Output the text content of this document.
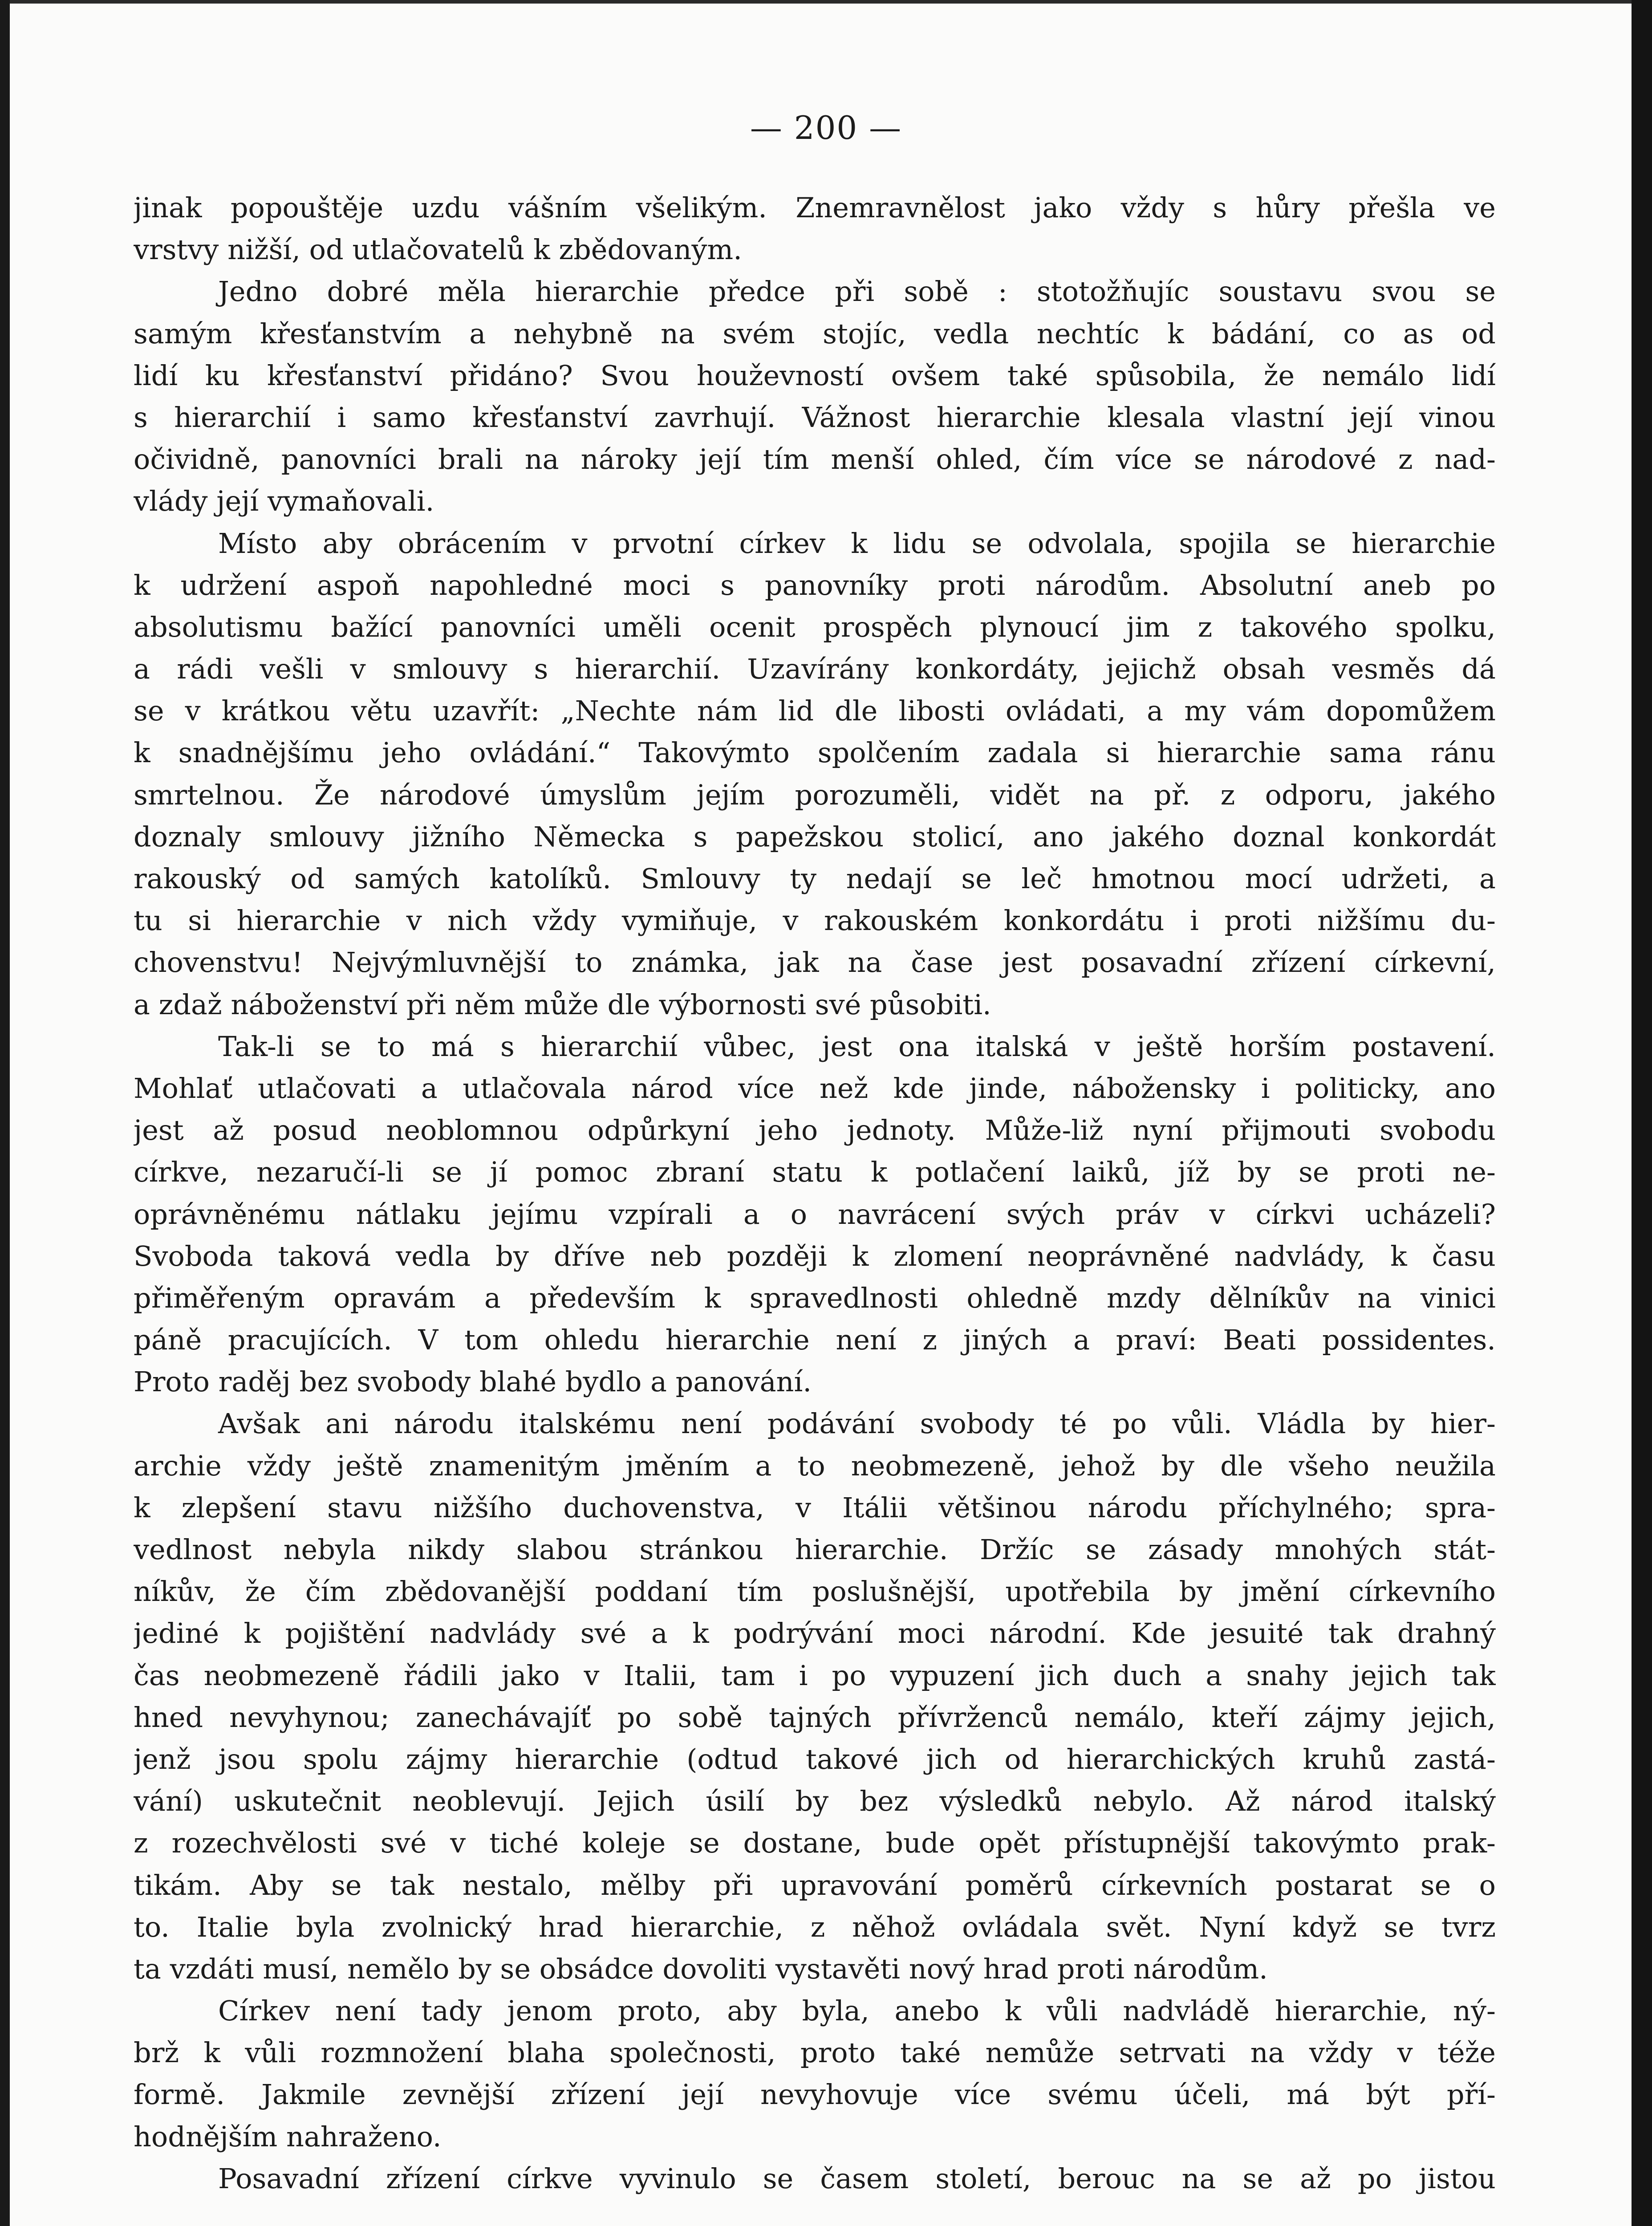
— 200 —
jinak popouštěje uzdu vášním všelikým. Znemravnělost jako vždy s hůry přešla ve
vrstvy nižší, od utlačovatelů k zbědovaným.
Jedno dobré měla hierarchie předce při sobě : stotožňujíc soustavu svou se
samým křesťanstvím a nehybně na svém stojíc, vedla nechtíc k bádání, co as od
lidí ku křesťanství přidáno? Svou houževností ovšem také spůsobila, že nemálo lidí
s hierarchií i samo křesťanství zavrhují. Vážnost hierarchie klesala vlastní její vinou
očividně, panovníci brali na nároky její tím menší ohled, čím více se národové z nad-
vlády její vymaňovali.
Místo aby obrácením v prvotní církev k lidu se odvolala, spojila se hierarchie
k udržení aspoň napohledné moci s panovníky proti národům. Absolutní aneb po
absolutismu bažící panovníci uměli ocenit prospěch plynoucí jim z takového spolku,
a rádi vešli v smlouvy s hierarchií. Uzavírány konkordáty, jejichž obsah vesměs dá
se v krátkou větu uzavřít: „Nechte nám lid dle libosti ovládati, a my vám dopomůžem
k snadnějšímu jeho ovládání.“ Takovýmto spolčením zadala si hierarchie sama ránu
smrtelnou. Že národové úmyslům jejím porozuměli, vidět na př. z odporu, jakého
doznaly smlouvy jižního Německa s papežskou stolicí, ano jakého doznal konkordát
rakouský od samých katolíků. Smlouvy ty nedají se leč hmotnou mocí udržeti, a
tu si hierarchie v nich vždy vymiňuje, v rakouském konkordátu i proti nižšímu du-
chovenstvu! Nejvýmluvnější to známka, jak na čase jest posavadní zřízení církevní,
a zdaž náboženství při něm může dle výbornosti své působiti.
Tak-li se to má s hierarchií vůbec, jest ona italská v ještě horším postavení.
Mohlať utlačovati a utlačovala národ více než kde jinde, nábožensky i politicky, ano
jest až posud neoblomnou odpůrkyní jeho jednoty. Může-liž nyní přijmouti svobodu
církve, nezaručí-li se jí pomoc zbraní statu k potlačení laiků, jíž by se proti ne-
oprávněnému nátlaku jejímu vzpírali a o navrácení svých práv v církvi ucházeli?
Svoboda taková vedla by dříve neb později k zlomení neoprávněné nadvlády, k času
přiměřeným opravám a především k spravedlnosti ohledně mzdy dělníkův na vinici
páně pracujících. V tom ohledu hierarchie není z jiných a praví: Beati possidentes.
Proto raděj bez svobody blahé bydlo a panování.
Avšak ani národu italskému není podávání svobody té po vůli. Vládla by hier-
archie vždy ještě znamenitým jměním a to neobmezeně, jehož by dle všeho neužila
k zlepšení stavu nižšího duchovenstva, v Itálii většinou národu příchylného; spra-
vedlnost nebyla nikdy slabou stránkou hierarchie. Držíc se zásady mnohých stát-
níkův, že čím zbědovanější poddaní tím poslušnější, upotřebila by jmění církevního
jediné k pojištění nadvlády své a k podrývání moci národní. Kde jesuité tak drahný
čas neobmezeně řádili jako v Italii, tam i po vypuzení jich duch a snahy jejich tak
hned nevyhynou; zanechávajíť po sobě tajných přívrženců nemálo, kteří zájmy jejich,
jenž jsou spolu zájmy hierarchie (odtud takové jich od hierarchických kruhů zastá-
vání) uskutečnit neoblevují. Jejich úsilí by bez výsledků nebylo. Až národ italský
z rozechvělosti své v tiché koleje se dostane, bude opět přístupnější takovýmto prak-
tikám. Aby se tak nestalo, mělby při upravování poměrů církevních postarat se o
to. Italie byla zvolnický hrad hierarchie, z něhož ovládala svět. Nyní když se tvrz
ta vzdáti musí, nemělo by se obsádce dovoliti vystavěti nový hrad proti národům.
Církev není tady jenom proto, aby byla, anebo k vůli nadvládě hierarchie, ný-
brž k vůli rozmnožení blaha společnosti, proto také nemůže setrvati na vždy v téže
formě. Jakmile zevnější zřízení její nevyhovuje více svému účeli, má být pří-
hodnějším nahraženo.
Posavadní zřízení církve vyvinulo se časem století, berouc na se až po jistou
